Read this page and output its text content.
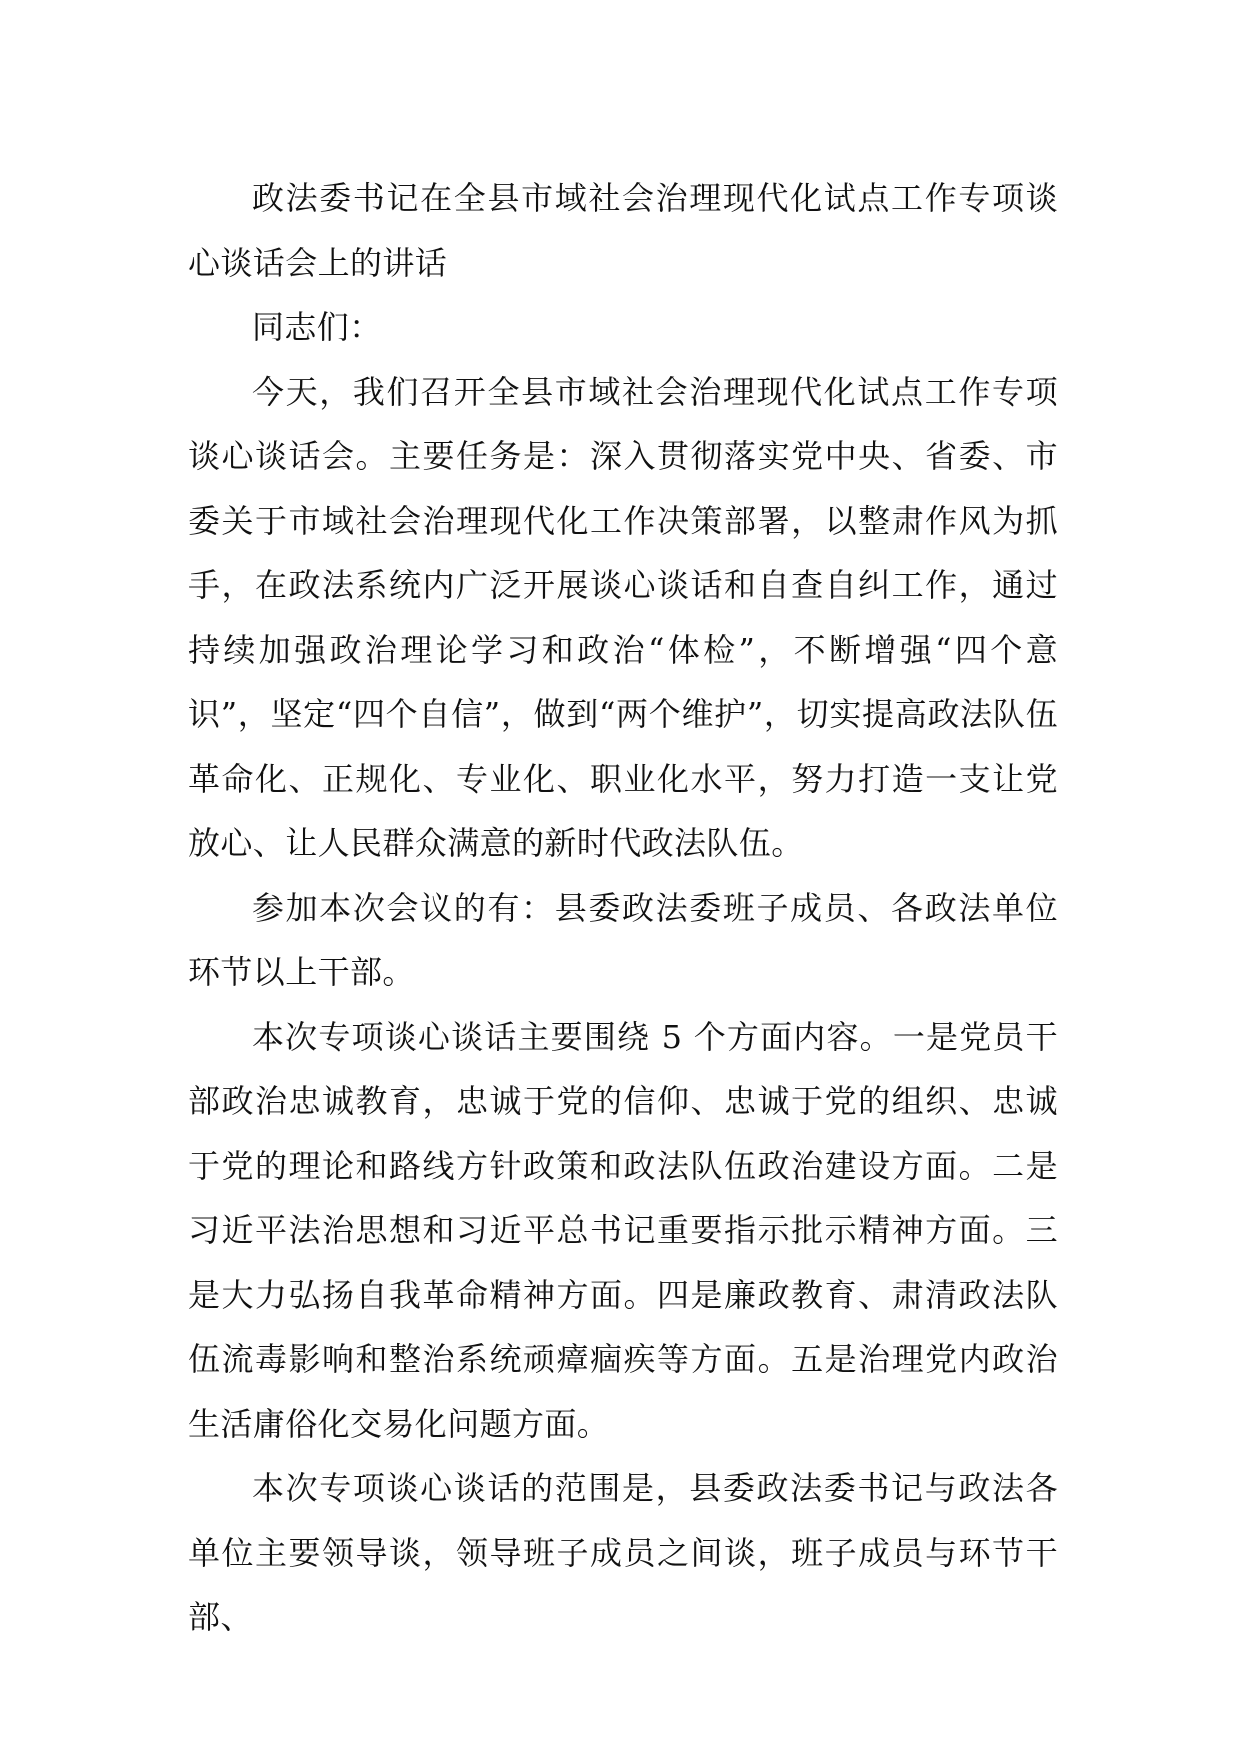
政法委书记在全县市域社会治理现代化试点工作专项谈心谈话会上的讲话

同志们：

今天，我们召开全县市域社会治理现代化试点工作专项谈心谈话会。主要任务是：深入贯彻落实党中央、省委、市委关于市域社会治理现代化工作决策部署，以整肃作风为抓手，在政法系统内广泛开展谈心谈话和自查自纠工作，通过持续加强政治理论学习和政治“体检”，不断增强“四个意识”，坚定“四个自信”，做到“两个维护”，切实提高政法队伍革命化、正规化、专业化、职业化水平，努力打造一支让党放心、让人民群众满意的新时代政法队伍。

参加本次会议的有：县委政法委班子成员、各政法单位环节以上干部。

本次专项谈心谈话主要围绕 5 个方面内容。一是党员干部政治忠诚教育，忠诚于党的信仰、忠诚于党的组织、忠诚于党的理论和路线方针政策和政法队伍政治建设方面。二是习近平法治思想和习近平总书记重要指示批示精神方面。三是大力弘扬自我革命精神方面。四是廉政教育、肃清政法队伍流毒影响和整治系统顽瘴痼疾等方面。五是治理党内政治生活庸俗化交易化问题方面。

本次专项谈心谈话的范围是，县委政法委书记与政法各单位主要领导谈，领导班子成员之间谈，班子成员与环节干部、
